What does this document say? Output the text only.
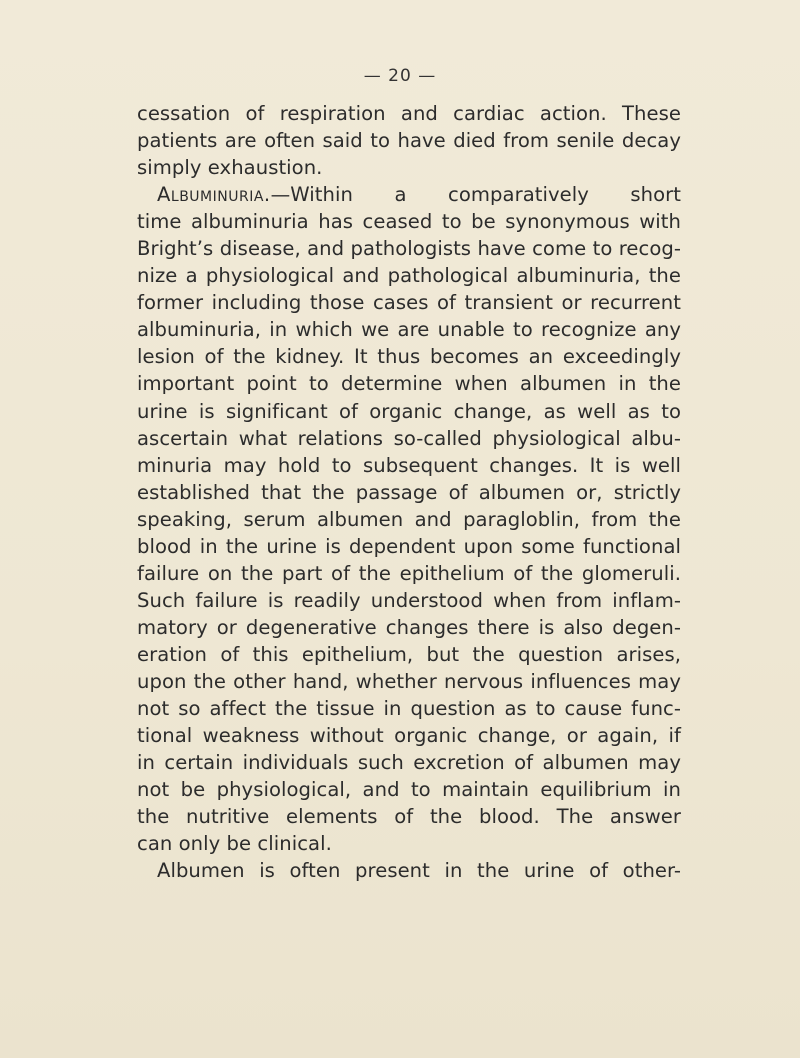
— 20 —
cessation of respiration and cardiac action. These
patients are often said to have died from senile decay
simply exhaustion.
Albuminuria.—Within a comparatively short
time albuminuria has ceased to be synonymous with
Bright’s disease, and pathologists have come to recog-
nize a physiological and pathological albuminuria, the
former including those cases of transient or recurrent
albuminuria, in which we are unable to recognize any
lesion of the kidney. It thus becomes an exceedingly
important point to determine when albumen in the
urine is significant of organic change, as well as to
ascertain what relations so-called physiological albu-
minuria may hold to subsequent changes. It is well
established that the passage of albumen or, strictly
speaking, serum albumen and paragloblin, from the
blood in the urine is dependent upon some functional
failure on the part of the epithelium of the glomeruli.
Such failure is readily understood when from inflam-
matory or degenerative changes there is also degen-
eration of this epithelium, but the question arises,
upon the other hand, whether nervous influences may
not so affect the tissue in question as to cause func-
tional weakness without organic change, or again, if
in certain individuals such excretion of albumen may
not be physiological, and to maintain equilibrium in
the nutritive elements of the blood. The answer
can only be clinical.
Albumen is often present in the urine of other-
